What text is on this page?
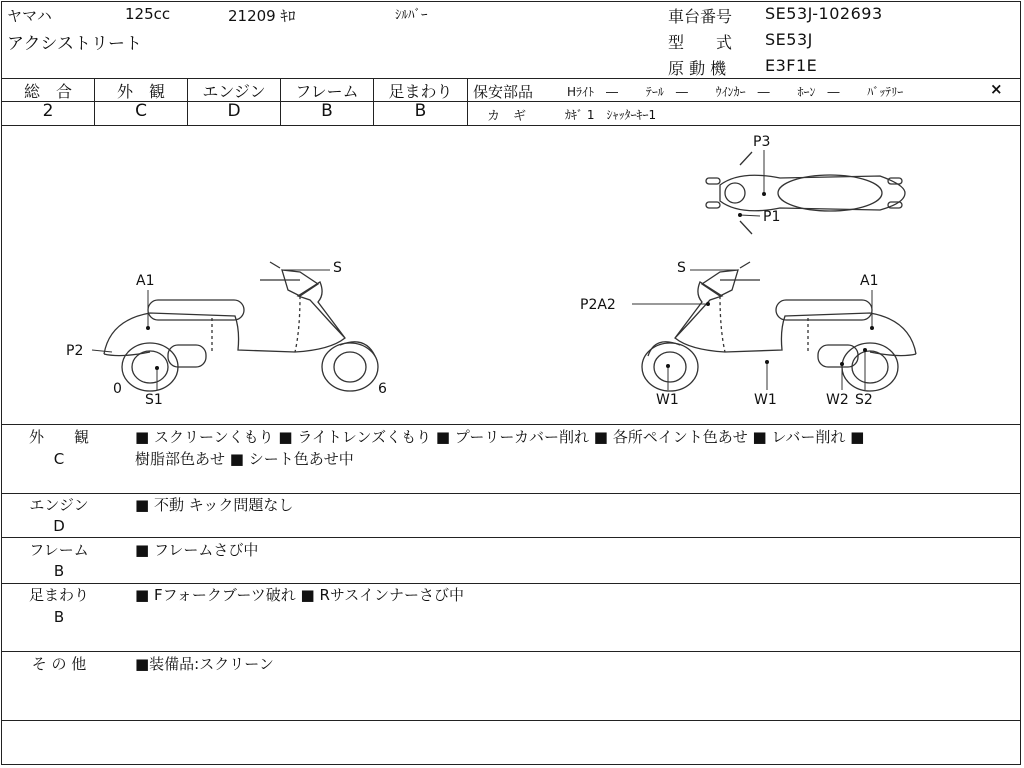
ヤマハ	125cc	21209 ｷﾛ	ｼﾙﾊﾞｰ
アクシストリート
車台番号 SE53J-102693
型　　式 SE53J
原 動 機 E3F1E
総　合	外　観	エンジン	フレーム	足まわり
2	C	D	B	B
保安部品	Hﾗｲﾄ　―　　 ﾃｰﾙ　―　　 ｳｲﾝｶｰ　―　　 ﾎｰﾝ　―　　 ﾊﾞｯﾃﾘｰ	×
カ　ギ	ｶｷﾞ 1　ｼｬｯﾀｰｷｰ1
P3
P1
S
A1
P2
0
S1
6
S
P2A2
A1
W1	W1	W2 S2
外　　観
C
■ スクリーンくもり ■ ライトレンズくもり ■ プーリーカバー削れ ■ 各所ペイント色あせ ■ レバー削れ ■
樹脂部色あせ ■ シート色あせ中
エンジン
D
■ 不動 キック問題なし
フレーム
B
■ フレームさび中
足まわり
B
■ Fフォークブーツ破れ ■ Rサスインナーさび中
そ の 他	■装備品:スクリーン
